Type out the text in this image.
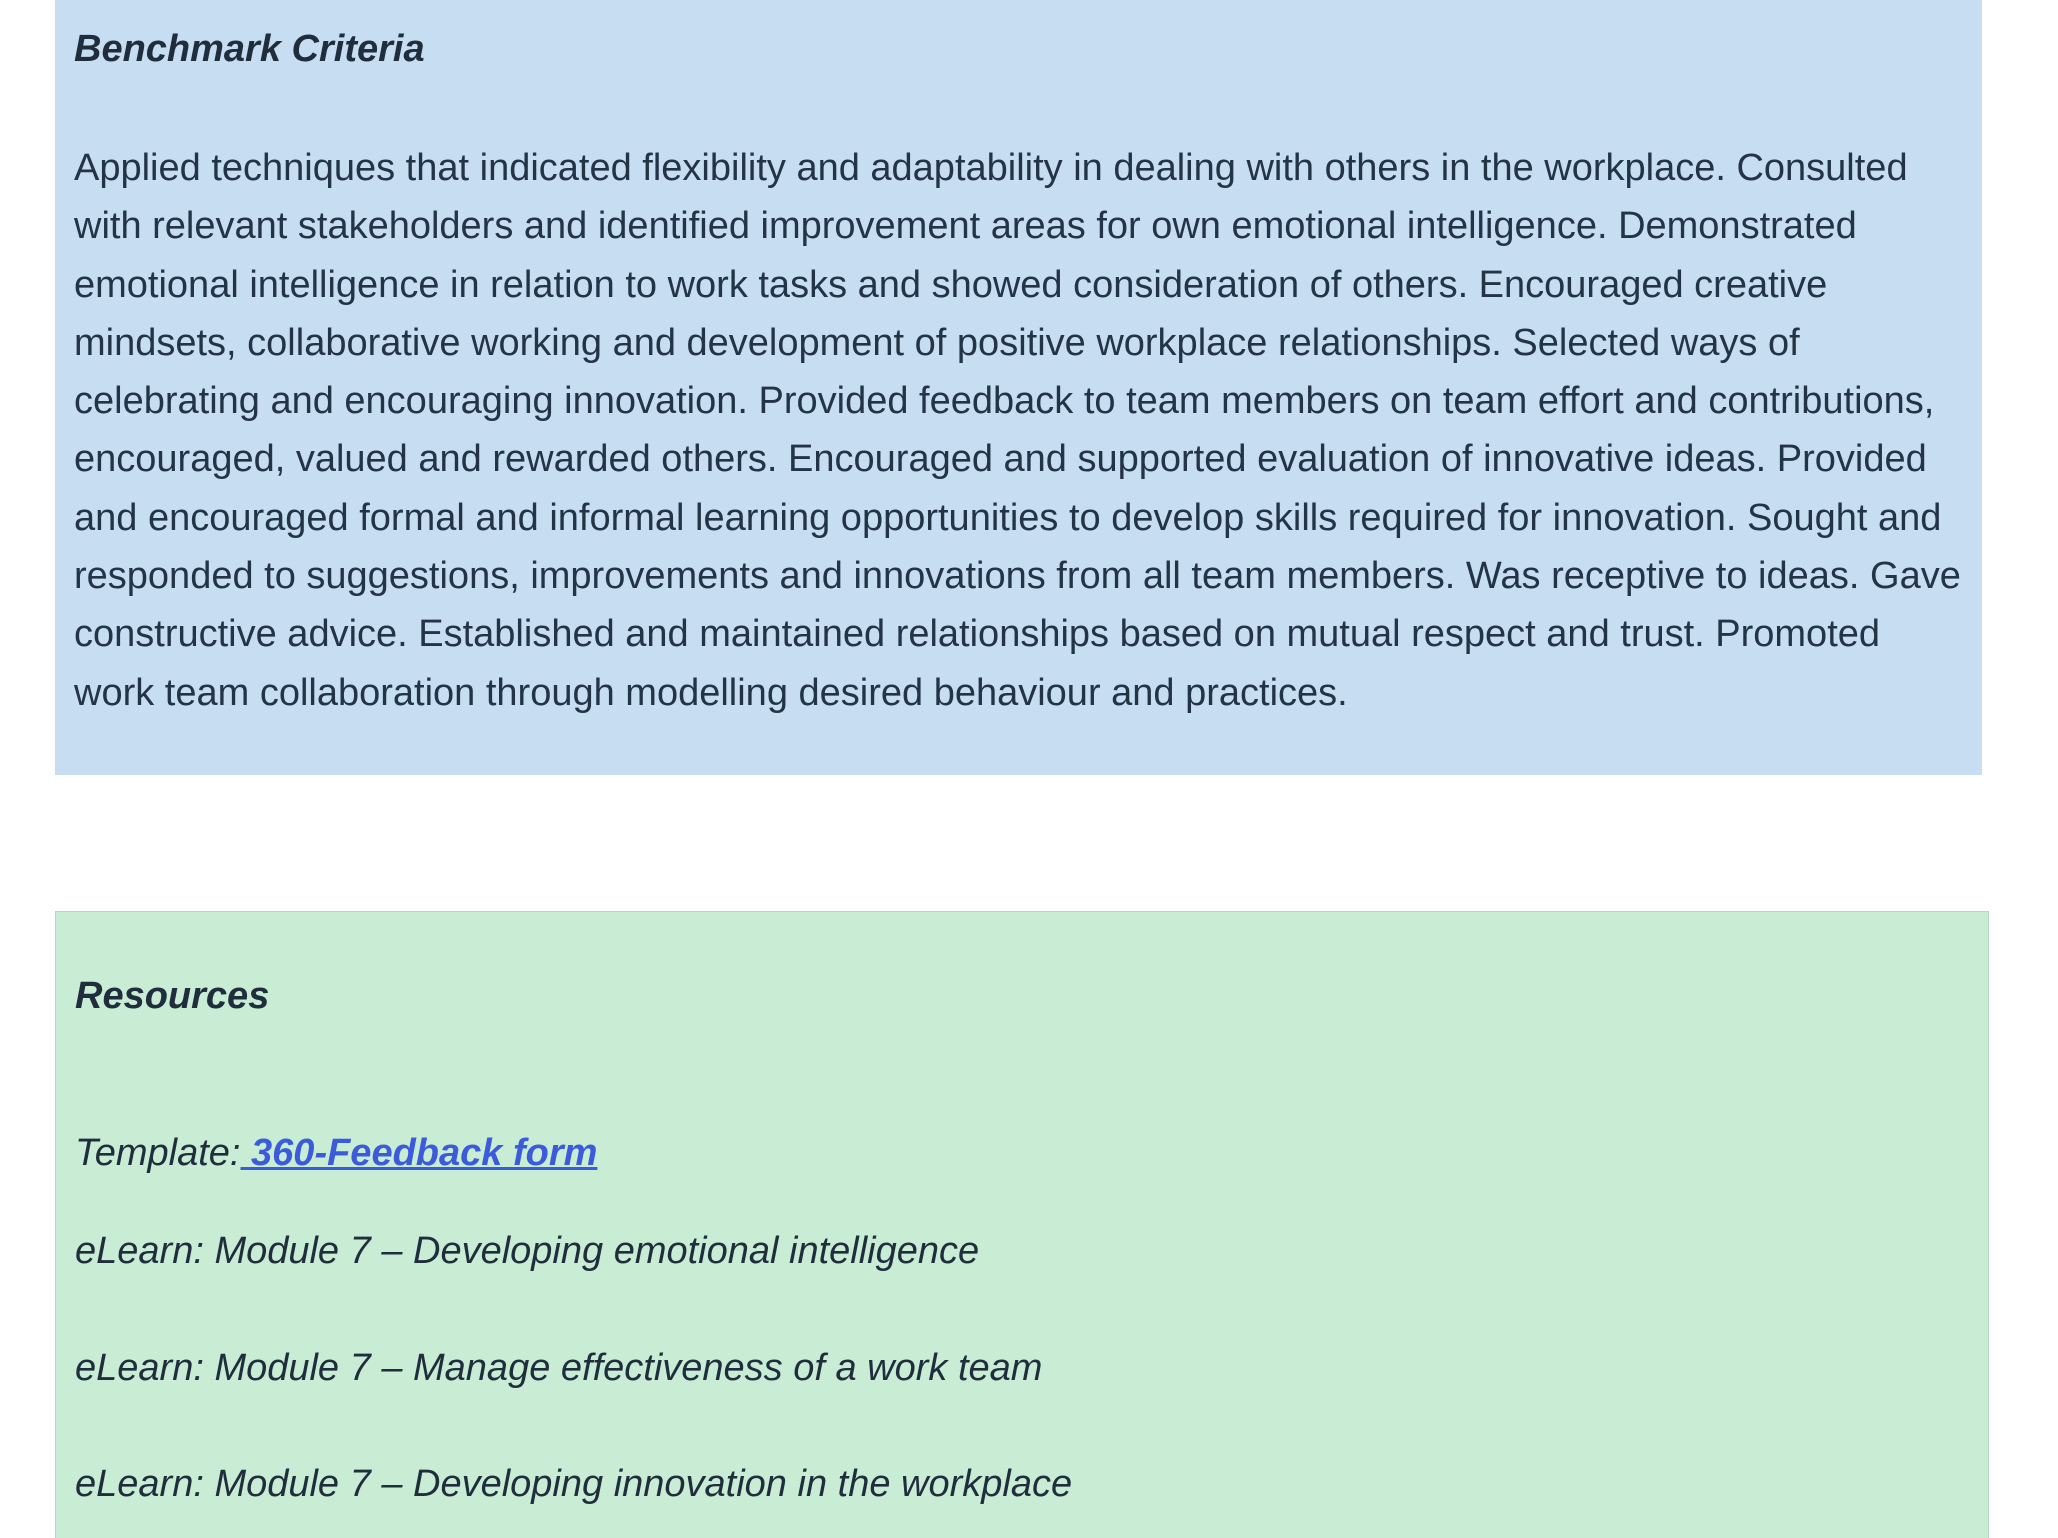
Benchmark Criteria

Applied techniques that indicated flexibility and adaptability in dealing with others in the workplace. Consulted with relevant stakeholders and identified improvement areas for own emotional intelligence. Demonstrated emotional intelligence in relation to work tasks and showed consideration of others. Encouraged creative mindsets, collaborative working and development of positive workplace relationships. Selected ways of celebrating and encouraging innovation. Provided feedback to team members on team effort and contributions, encouraged, valued and rewarded others. Encouraged and supported evaluation of innovative ideas. Provided and encouraged formal and informal learning opportunities to develop skills required for innovation. Sought and responded to suggestions, improvements and innovations from all team members. Was receptive to ideas. Gave constructive advice. Established and maintained relationships based on mutual respect and trust. Promoted work team collaboration through modelling desired behaviour and practices.

Resources

Template: 360-Feedback form

eLearn: Module 7 – Developing emotional intelligence

eLearn: Module 7 – Manage effectiveness of a work team

eLearn: Module 7 – Developing innovation in the workplace
